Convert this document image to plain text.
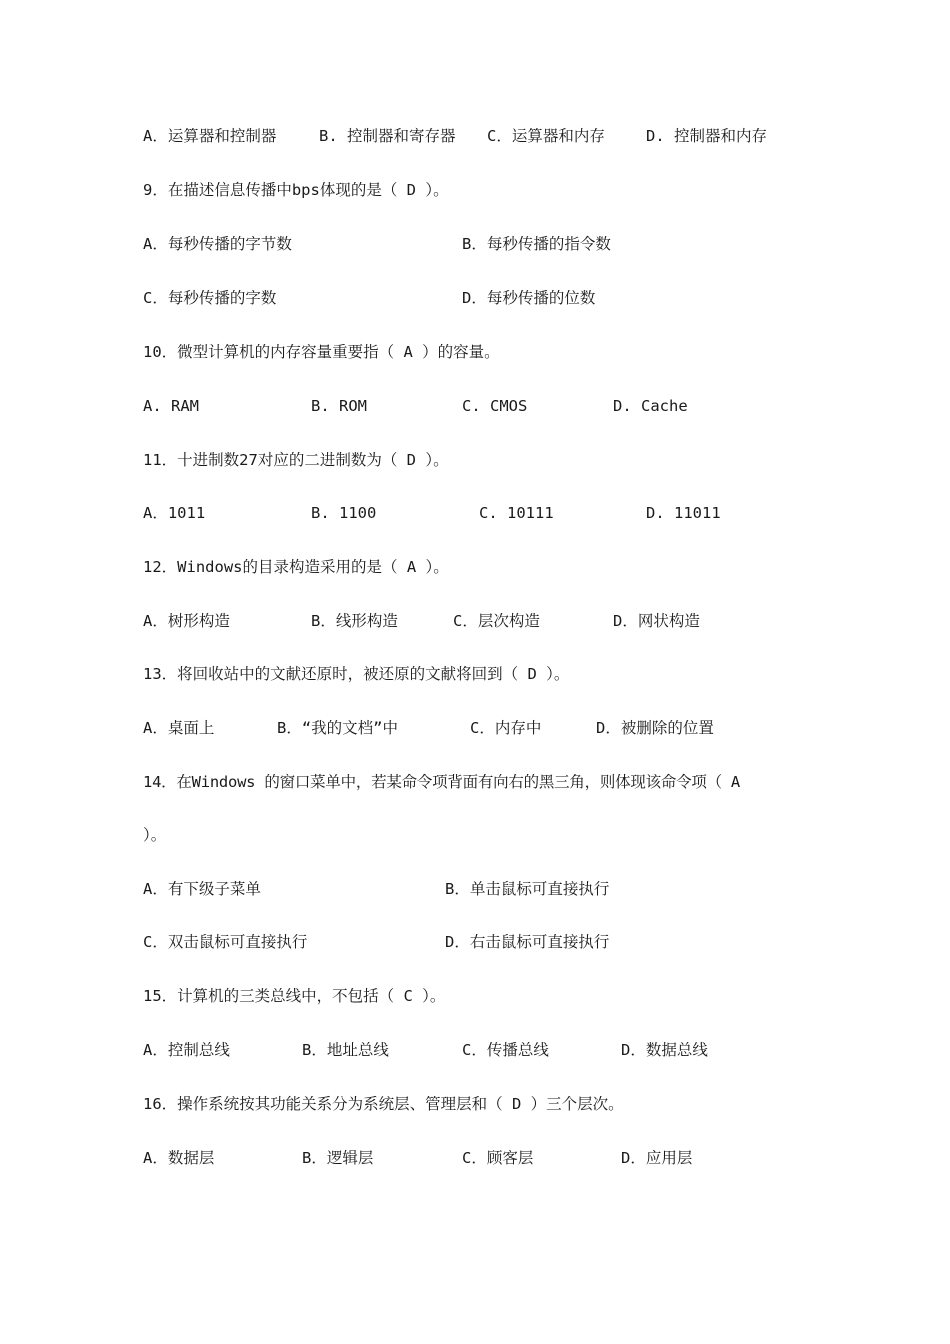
A．运算器和控制器	B. 控制器和寄存器 C．运算器和内存	D. 控制器和内存
9．在描述信息传播中bps体现的是（ D ）。
A．每秒传播的字节数	B．每秒传播的指令数
C．每秒传播的字数	D．每秒传播的位数
10．微型计算机的内存容量重要指（ A ）的容量。
A. RAM	B. ROM	C. CMOS	D. Cache
11．十进制数27对应的二进制数为（ D ）。
A．1011	B. 1100	C. 10111	D. 11011
12．Windows的目录构造采用的是（ A ）。
A．树形构造	B．线形构造	C．层次构造	D．网状构造
13．将回收站中的文献还原时，被还原的文献将回到（ D ）。
A．桌面上	B．“我的文档”中	C．内存中	D．被删除的位置
14．在Windows 的窗口菜单中，若某命令项背面有向右的黑三角，则体现该命令项（ A
）。
A．有下级子菜单	B．单击鼠标可直接执行
C．双击鼠标可直接执行	D．右击鼠标可直接执行
15．计算机的三类总线中，不包括（ C ）。
A．控制总线	B．地址总线	C．传播总线	D．数据总线
16．操作系统按其功能关系分为系统层、管理层和（ D ）三个层次。
A．数据层	B．逻辑层	C．顾客层	D．应用层
